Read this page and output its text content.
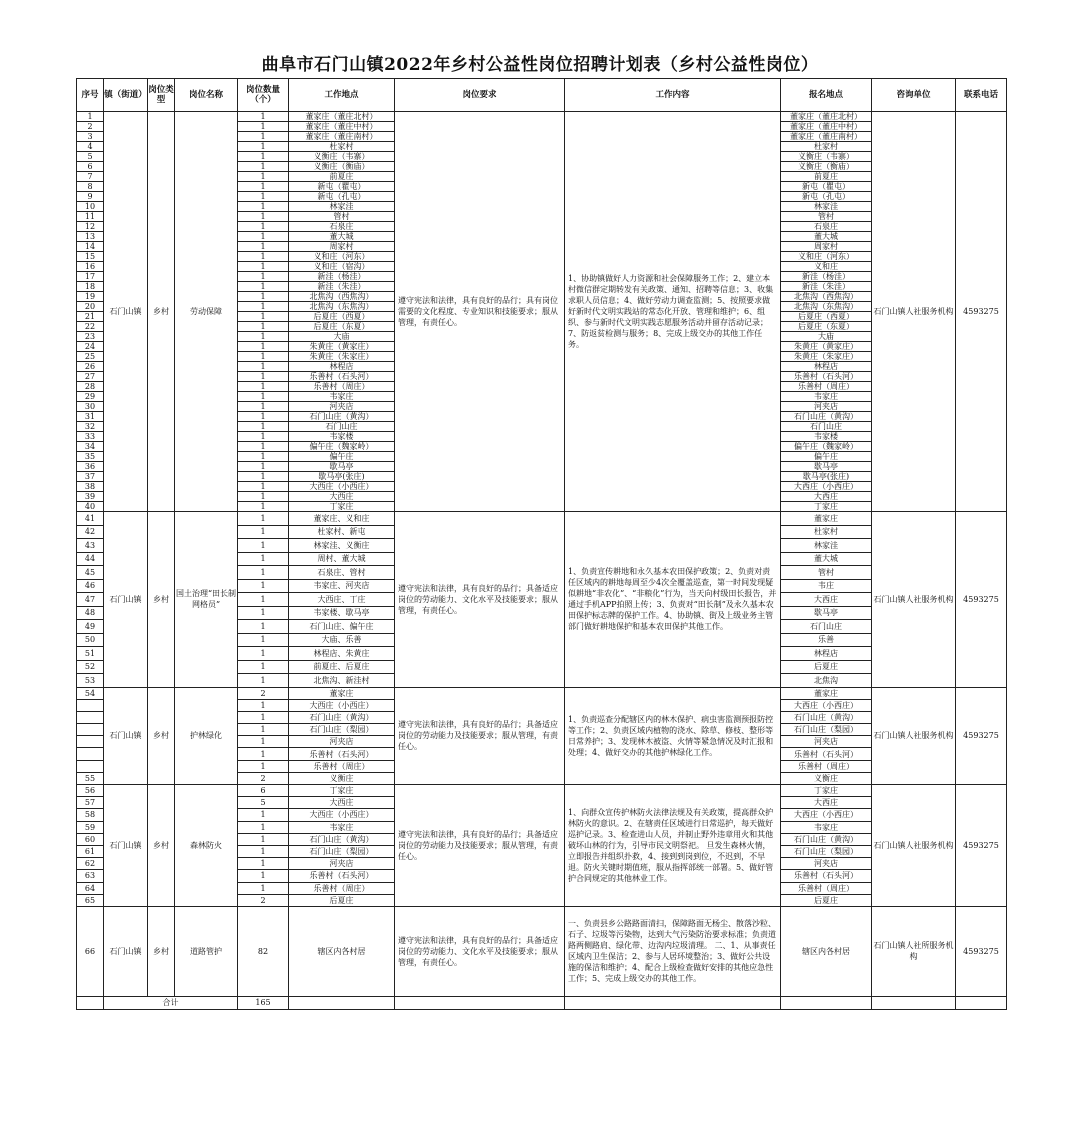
曲阜市石门山镇2022年乡村公益性岗位招聘计划表（乡村公益性岗位）
序号	镇（街道）	岗位类型	岗位名称	岗位数量（个）	工作地点	岗位要求	工作内容	报名地点	咨询单位	联系电话
1	石门山镇	乡村	劳动保障	1	董家庄（董庄北村）	遵守宪法和法律，具有良好的品行；具有岗位需要的文化程度、专业知识和技能要求；服从管理，有责任心。	1、协助镇做好人力资源和社会保障服务工作；2、建立本村微信群定期转发有关政策、通知、招聘等信息；3、收集求职人员信息；4、做好劳动力调查监测；5、按照要求做好新时代文明实践站的常态化开放、管理和维护；6、组织、参与新时代文明实践志愿服务活动并留存活动记录；7、防返贫检测与服务；8、完成上级交办的其他工作任务。	董家庄（董庄北村）	石门山镇人社服务机构	4593275
2				1	董家庄（董庄中村）			董家庄（董庄中村）		
3				1	董家庄（董庄南村）			董家庄（董庄南村）		
4				1	杜家村			杜家村		
5				1	义衡庄（韦寨）			义衡庄（韦寨）		
6				1	义衡庄（衡庙）			义衡庄（衡庙）		
7				1	前夏庄			前夏庄		
8				1	新屯（瞿屯）			新屯（瞿屯）		
9				1	新屯（孔屯）			新屯（孔屯）		
10				1	林家洼			林家洼		
11				1	管村			管村		
12				1	石泉庄			石泉庄		
13				1	董大城			董大城		
14				1	周家村			周家村		
15				1	义和庄（河东）			义和庄（河东）		
16				1	义和庄（宿沟）			义和庄		
17				1	新洼（杨洼）			新洼（杨洼）		
18				1	新洼（朱洼）			新洼（朱洼）		
19				1	北焦沟（西焦沟）			北焦沟（西焦沟）		
20				1	北焦沟（东焦沟）			北焦沟（东焦沟）		
21				1	后夏庄（西夏）			后夏庄（西夏）		
22				1	后夏庄（东夏）			后夏庄（东夏）		
23				1	大庙			大庙		
24				1	朱黄庄（黄家庄）			朱黄庄（黄家庄）		
25				1	朱黄庄（朱家庄）			朱黄庄（朱家庄）		
26				1	林程店			林程店		
27				1	乐善村（石头河）			乐善村（石头河）		
28				1	乐善村（周庄）			乐善村（周庄）		
29				1	韦家庄			韦家庄		
30				1	河夹店			河夹店		
31				1	石门山庄（黄沟）			石门山庄（黄沟）		
32				1	石门山庄			石门山庄		
33				1	韦家楼			韦家楼		
34				1	偏午庄（魏家岭）			偏午庄（魏家岭）		
35				1	偏午庄			偏午庄		
36				1	歇马亭			歇马亭		
37				1	歇马亭(张庄)			歇马亭(张庄)		
38				1	大西庄（小西庄）			大西庄（小西庄）		
39				1	大西庄			大西庄		
40				1	丁家庄			丁家庄		
41	石门山镇	乡村	国土治理“田长制网格员”	1	董家庄、义和庄	遵守宪法和法律，具有良好的品行；具备适应岗位的劳动能力、文化水平及技能要求；服从管理，有责任心。	1、负责宣传耕地和永久基本农田保护政策；2、负责对责任区域内的耕地每周至少4次全覆盖巡查，第一时间发现疑似耕地“非农化”、“非粮化”行为，当天向村级田长报告，并通过手机APP拍照上传；3、负责对“田长制”及永久基本农田保护标志牌的保护工作。4、协助镇、街及上级业务主管部门做好耕地保护和基本农田保护其他工作。	董家庄	石门山镇人社服务机构	4593275
42				1	杜家村、新屯			杜家村		
43				1	林家洼、义衡庄			林家洼		
44				1	周村、董大城			董大城		
45				1	石泉庄、管村			管村		
46				1	韦家庄、河夹店			韦庄		
47				1	大西庄、丁庄			大西庄		
48				1	韦家楼、歇马亭			歇马亭		
49				1	石门山庄、偏午庄			石门山庄		
50				1	大庙、乐善			乐善		
51				1	林程店、朱黄庄			林程店		
52				1	前夏庄、后夏庄			后夏庄		
53				1	北焦沟、新洼村			北焦沟		
54	石门山镇	乡村	护林绿化	2	董家庄	遵守宪法和法律，具有良好的品行；具备适应岗位的劳动能力及技能要求；服从管理，有责任心。	1、负责巡查分配辖区内的林木保护、病虫害监测预报防控等工作；2、负责区域内植物的浇水、除草、修枝、整形等日常养护；3、发现林木被盗、火情等紧急情况及时汇报和处理；4、做好交办的其他护林绿化工作。	董家庄	石门山镇人社服务机构	4593275
				1	大西庄（小西庄）			大西庄（小西庄）		
				1	石门山庄（黄沟）			石门山庄（黄沟）		
				1	石门山庄（梨园）			石门山庄（梨园）		
				1	河夹店			河夹店		
				1	乐善村（石头河）			乐善村（石头河）		
				1	乐善村（周庄）			乐善村（周庄）		
55				2	义衡庄			义衡庄		
56	石门山镇	乡村	森林防火	6	丁家庄	遵守宪法和法律，具有良好的品行；具备适应岗位的劳动能力及技能要求；服从管理，有责任心。	1、向群众宣传护林防火法律法规及有关政策，提高群众护林防火的意识。2、在辖责任区域进行日常巡护，每天做好巡护记录。3、检查进山人员，并制止野外违章用火和其他破坏山林的行为，引导市民文明祭祀。 旦发生森林火情，立即报告并组织扑救，4、接到到岗到位，不迟到，不早退。防火关键时期值班，服从指挥部统一部署。5、做好管护合同规定的其他林业工作。	丁家庄	石门山镇人社服务机构	4593275
57				5	大西庄			大西庄		
58				1	大西庄（小西庄）			大西庄（小西庄）		
59				1	韦家庄			韦家庄		
60				1	石门山庄（黄沟）			石门山庄（黄沟）		
61				1	石门山庄（梨园）			石门山庄（梨园）		
62				1	河夹店			河夹店		
63				1	乐善村（石头河）			乐善村（石头河）		
64				1	乐善村（周庄）			乐善村（周庄）		
65				2	后夏庄			后夏庄		
66	石门山镇	乡村	道路管护	82	辖区内各村居	遵守宪法和法律，具有良好的品行；具备适应岗位的劳动能力、文化水平及技能要求；服从管理，有责任心。	一、负责县乡公路路面清扫，保障路面无杨尘、散落沙粒、石子、垃圾等污染物，达到大气污染防治要求标准；负责道路两侧路肩、绿化带、边沟内垃圾清理。 二、1、从事责任区域内卫生保洁；2、参与人居环境整治；3、做好公共设施的保洁和维护；4、配合上级检查做好安排的其他应急性工作；5、完成上级交办的其他工作。	辖区内各村居	石门山镇人社所服务机构	4593275
	合计			165						
